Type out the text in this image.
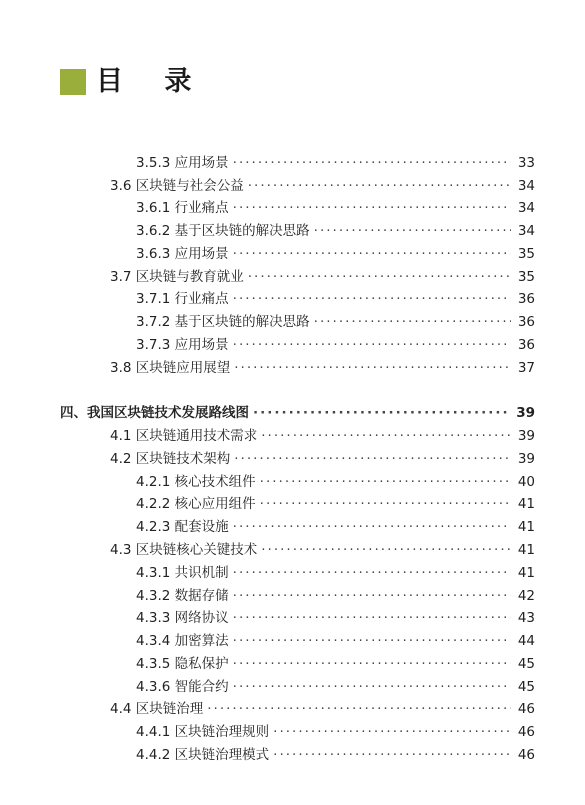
目 录
3.5.3 应用场景 ·····	33
3.6 区块链与社会公益 ·····	34
3.6.1 行业痛点 ·····	34
3.6.2 基于区块链的解决思路 ·····	34
3.6.3 应用场景 ·····	35
3.7 区块链与教育就业 ·····	35
3.7.1 行业痛点 ·····	36
3.7.2 基于区块链的解决思路 ·····	36
3.7.3 应用场景 ·····	36
3.8 区块链应用展望 ·····	37
四、我国区块链技术发展路线图 ·····	39
4.1 区块链通用技术需求 ·····	39
4.2 区块链技术架构 ·····	39
4.2.1 核心技术组件 ·····	40
4.2.2 核心应用组件 ·····	41
4.2.3 配套设施 ·····	41
4.3 区块链核心关键技术 ·····	41
4.3.1 共识机制 ·····	41
4.3.2 数据存储 ·····	42
4.3.3 网络协议 ·····	43
4.3.4 加密算法 ·····	44
4.3.5 隐私保护 ·····	45
4.3.6 智能合约 ·····	45
4.4 区块链治理 ·····	46
4.4.1 区块链治理规则 ·····	46
4.4.2 区块链治理模式 ·····	46
